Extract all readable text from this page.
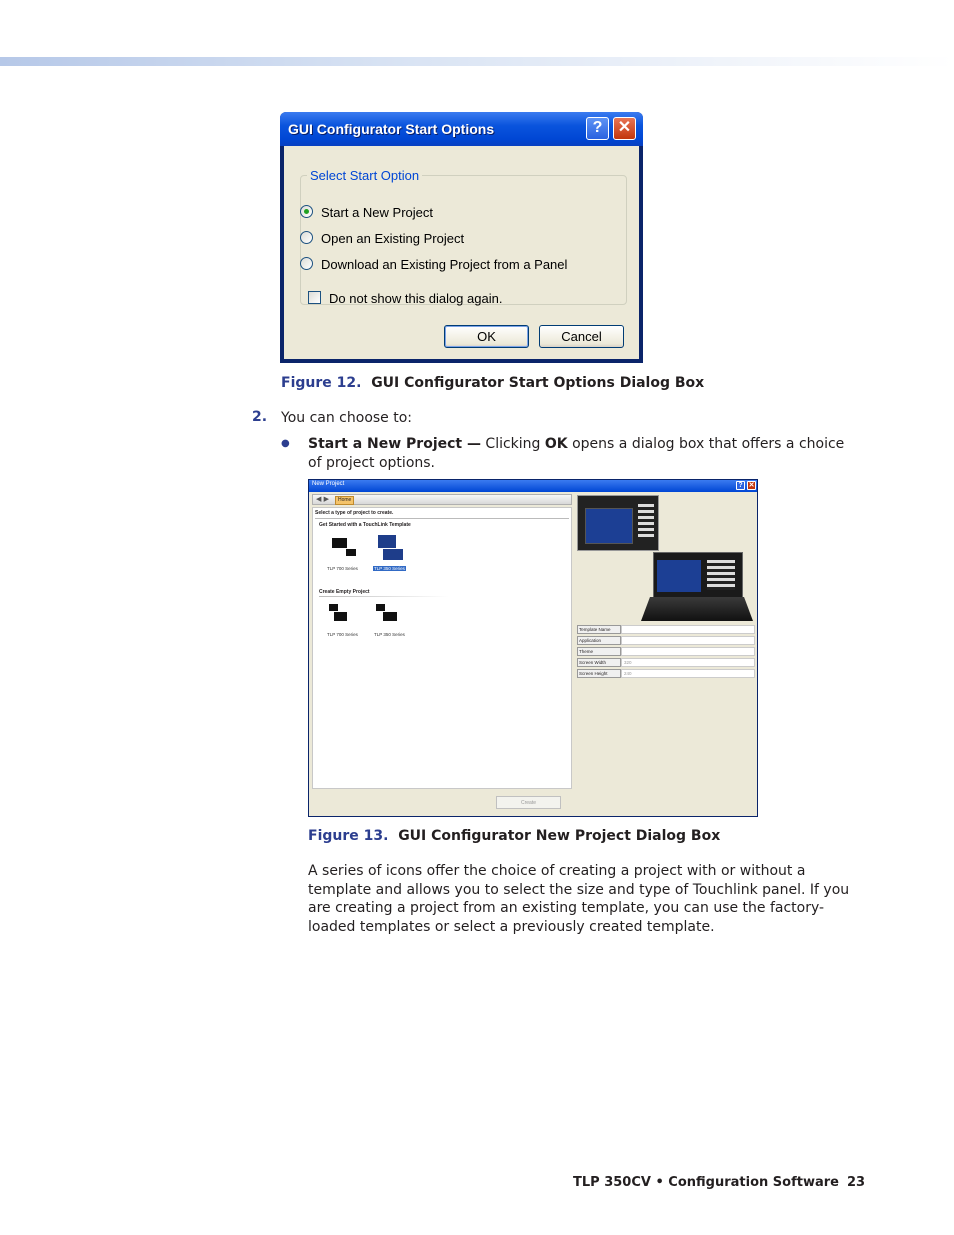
GUI Configurator Start Options	? ✕
Select Start Option
Start a New Project
Open an Existing Project
Download an Existing Project from a Panel
Do not show this dialog again.
OK	Cancel
Figure 12. GUI Configurator Start Options Dialog Box
2. You can choose to:
● Start a New Project — Clicking OK opens a dialog box that offers a choice of project options.
New Project	? ✕
◀ ▶	Home
Select a type of project to create.
Get Started with a TouchLink Template
TLP 700 Series	TLP 350 Series
Create Empty Project
TLP 700 Series	TLP 350 Series
Template Name
Application
Theme
Screen Width	320
Screen Height	240
Create
Figure 13. GUI Configurator New Project Dialog Box
A series of icons offer the choice of creating a project with or without a template and allows you to select the size and type of Touchlink panel. If you are creating a project from an existing template, you can use the factory-loaded templates or select a previously created template.
TLP 350CV • Configuration Software 23
